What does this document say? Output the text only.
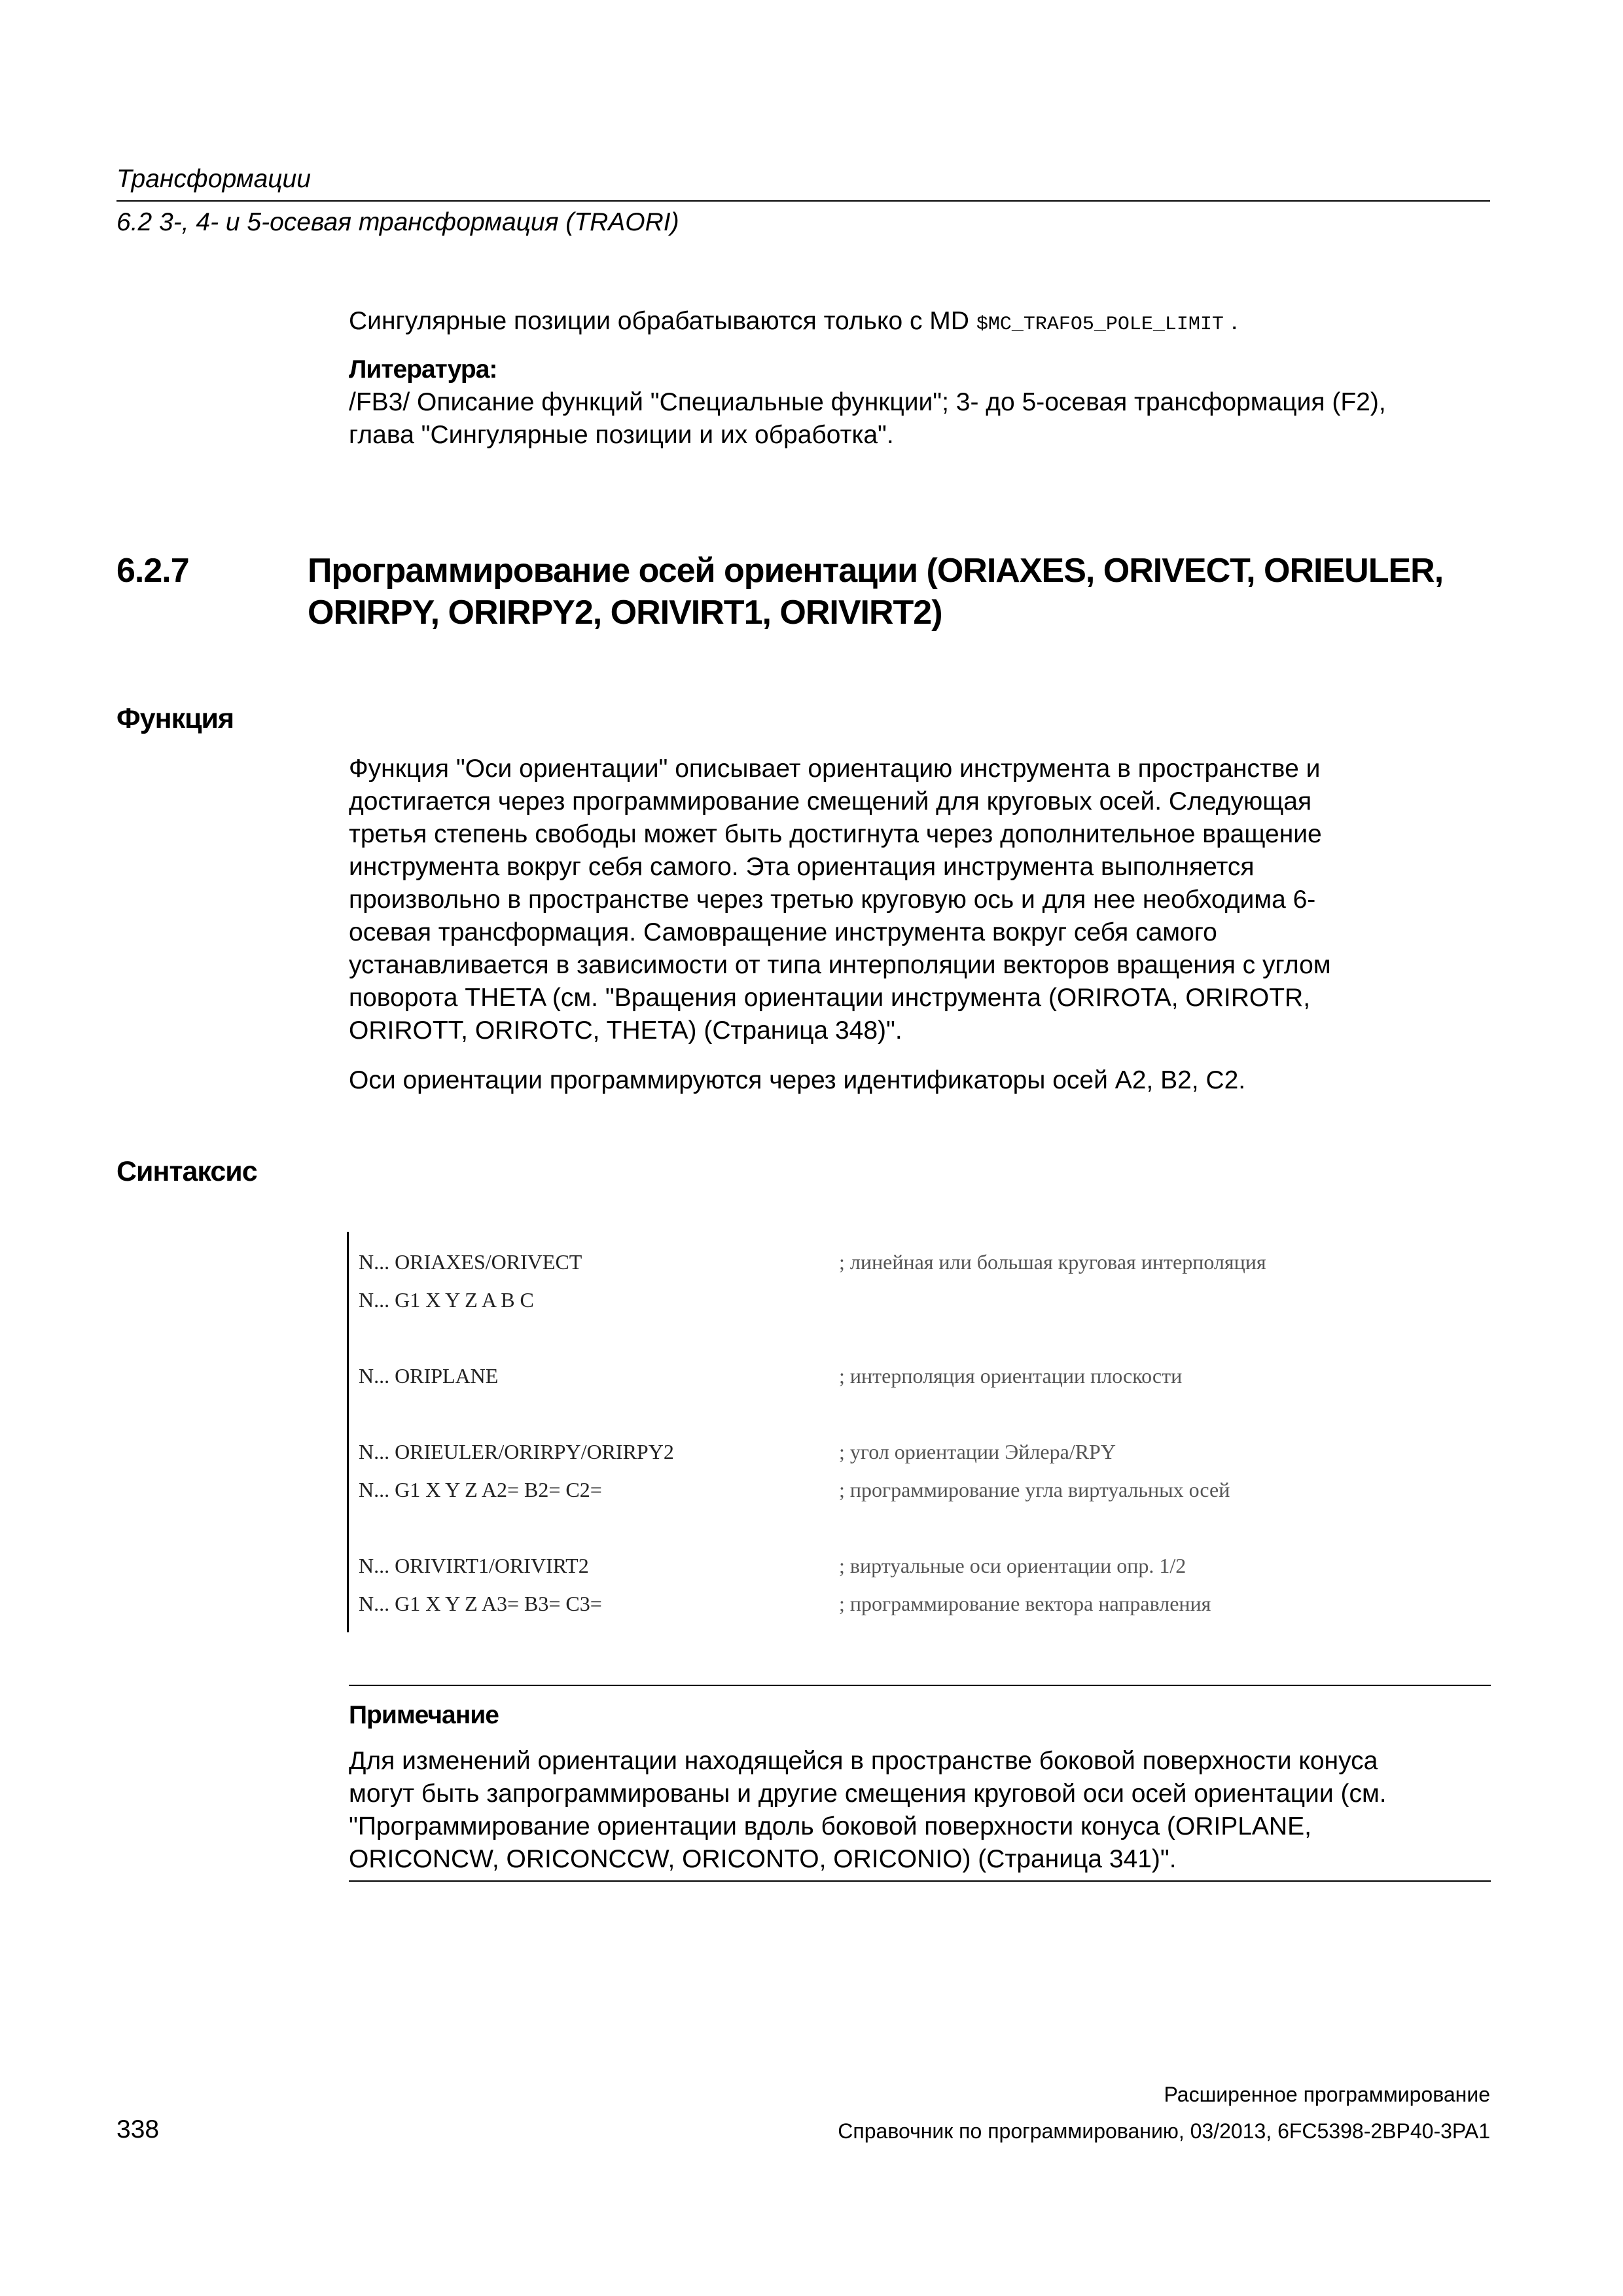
Трансформации
6.2 3-, 4- и 5-осевая трансформация (TRAORI)
Сингулярные позиции обрабатываются только с MD $MC_TRAFO5_POLE_LIMIT .
Литература:
/FB3/ Описание функций "Специальные функции"; 3- до 5-осевая трансформация (F2),
глава "Сингулярные позиции и их обработка".
6.2.7	Программирование осей ориентации (ORIAXES, ORIVECT, ORIEULER,
ORIRPY, ORIRPY2, ORIVIRT1, ORIVIRT2)
Функция
Функция "Оси ориентации" описывает ориентацию инструмента в пространстве и
достигается через программирование смещений для круговых осей. Следующая
третья степень свободы может быть достигнута через дополнительное вращение
инструмента вокруг себя самого. Эта ориентация инструмента выполняется
произвольно в пространстве через третью круговую ось и для нее необходима 6-
осевая трансформация. Самовращение инструмента вокруг себя самого
устанавливается в зависимости от типа интерполяции векторов вращения с углом
поворота THETA (см. "Вращения ориентации инструмента (ORIROTA, ORIROTR,
ORIROTT, ORIROTC, THETA) (Страница 348)".
Оси ориентации программируются через идентификаторы осей A2, B2, C2.
Синтаксис
N... ORIAXES/ORIVECT	; линейная или большая круговая интерполяция
N... G1 X Y Z A B C
N... ORIPLANE	; интерполяция ориентации плоскости
N... ORIEULER/ORIRPY/ORIRPY2	; угол ориентации Эйлера/RPY
N... G1 X Y Z A2= B2= C2=	; программирование угла виртуальных осей
N... ORIVIRT1/ORIVIRT2	; виртуальные оси ориентации опр. 1/2
N... G1 X Y Z A3= B3= C3=	; программирование вектора направления
Примечание
Для изменений ориентации находящейся в пространстве боковой поверхности конуса
могут быть запрограммированы и другие смещения круговой оси осей ориентации (см.
"Программирование ориентации вдоль боковой поверхности конуса (ORIPLANE,
ORICONCW, ORICONCCW, ORICONTO, ORICONIO) (Страница 341)".
Расширенное программирование
338	Справочник по программированию, 03/2013, 6FC5398-2BP40-3PA1
